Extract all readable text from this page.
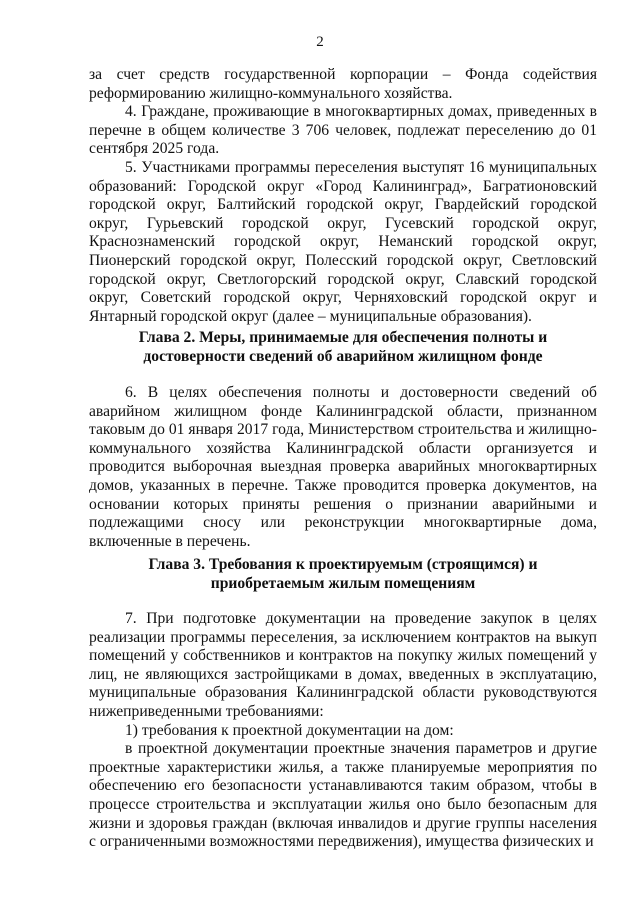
2

за счет средств государственной корпорации – Фонда содействия реформированию жилищно-коммунального хозяйства.

4. Граждане, проживающие в многоквартирных домах, приведенных в перечне в общем количестве 3 706 человек, подлежат переселению до 01 сентября 2025 года.

5. Участниками программы переселения выступят 16 муниципальных образований: Городской округ «Город Калининград», Багратионовский городской округ, Балтийский городской округ, Гвардейский городской округ, Гурьевский городской округ, Гусевский городской округ, Краснознаменский городской округ, Неманский городской округ, Пионерский городской округ, Полесский городской округ, Светловский городской округ, Светлогорский городской округ, Славский городской округ, Советский городской округ, Черняховский городской округ и Янтарный городской округ (далее – муниципальные образования).

Глава 2. Меры, принимаемые для обеспечения полноты и
достоверности сведений об аварийном жилищном фонде

6. В целях обеспечения полноты и достоверности сведений об аварийном жилищном фонде Калининградской области, признанном таковым до 01 января 2017 года, Министерством строительства и жилищно-коммунального хозяйства Калининградской области организуется и проводится выборочная выездная проверка аварийных многоквартирных домов, указанных в перечне. Также проводится проверка документов, на основании которых приняты решения о признании аварийными и подлежащими сносу или реконструкции многоквартирные дома, включенные в перечень.

Глава 3. Требования к проектируемым (строящимся) и
приобретаемым жилым помещениям

7. При подготовке документации на проведение закупок в целях реализации программы переселения, за исключением контрактов на выкуп помещений у собственников и контрактов на покупку жилых помещений у лиц, не являющихся застройщиками в домах, введенных в эксплуатацию, муниципальные образования Калининградской области руководствуются нижеприведенными требованиями:

1) требования к проектной документации на дом:

в проектной документации проектные значения параметров и другие проектные характеристики жилья, а также планируемые мероприятия по обеспечению его безопасности устанавливаются таким образом, чтобы в процессе строительства и эксплуатации жилья оно было безопасным для жизни и здоровья граждан (включая инвалидов и другие группы населения с ограниченными возможностями передвижения), имущества физических и
